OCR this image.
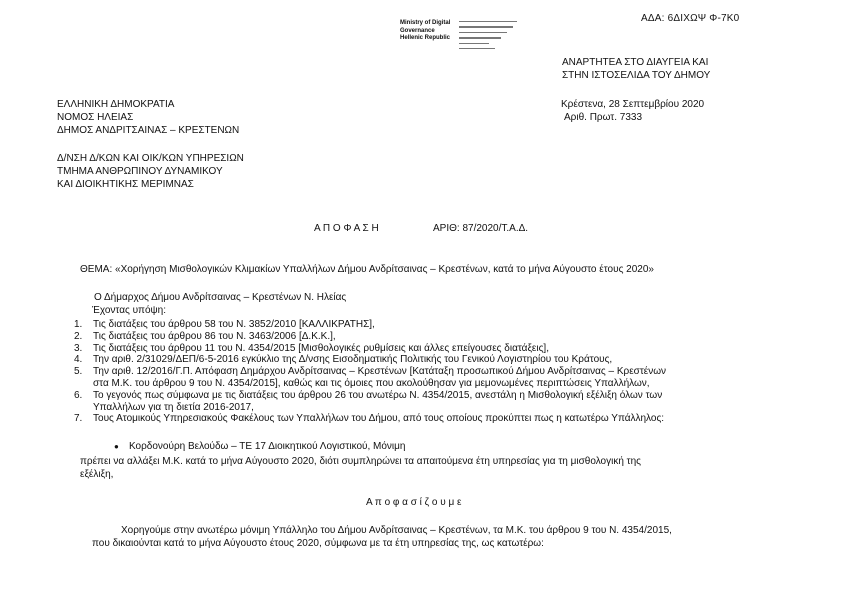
ΑΔΑ: 6ΔΙΧΩΨ Φ-7Κ0
Ministry of Digital
Governance
Hellenic Republic
ΑΝΑΡΤΗΤΕΑ ΣΤΟ ΔΙΑΥΓΕΙΑ ΚΑΙ
ΣΤΗΝ ΙΣΤΟΣΕΛΙΔΑ ΤΟΥ ΔΗΜΟΥ
ΕΛΛΗΝΙΚΗ ΔΗΜΟΚΡΑΤΙΑ
ΝΟΜΟΣ ΗΛΕΙΑΣ
ΔΗΜΟΣ ΑΝΔΡΙΤΣΑΙΝΑΣ – ΚΡΕΣΤΕΝΩΝ
Κρέστενα, 28 Σεπτεμβρίου 2020
Αριθ. Πρωτ. 7333
Δ/ΝΣΗ Δ/ΚΩΝ ΚΑΙ ΟΙΚ/ΚΩΝ ΥΠΗΡΕΣΙΩΝ
ΤΜΗΜΑ ΑΝΘΡΩΠΙΝΟΥ ΔΥΝΑΜΙΚΟΥ
ΚΑΙ ΔΙΟΙΚΗΤΙΚΗΣ ΜΕΡΙΜΝΑΣ
Α Π Ο Φ Α Σ Η	ΑΡΙΘ: 87/2020/Τ.Α.Δ.
ΘΕΜΑ: «Χορήγηση Μισθολογικών Κλιμακίων Υπαλλήλων Δήμου Ανδρίτσαινας – Κρεστένων, κατά το μήνα Αύγουστο έτους 2020»
Ο Δήμαρχος Δήμου Ανδρίτσαινας – Κρεστένων Ν. Ηλείας
Έχοντας υπόψη:
1.	Τις διατάξεις του άρθρου 58 του Ν. 3852/2010 [ΚΑΛΛΙΚΡΑΤΗΣ],
2.	Τις διατάξεις του άρθρου 86 του Ν. 3463/2006 [Δ.Κ.Κ.],
3.	Τις διατάξεις του άρθρου 11 του Ν. 4354/2015 [Μισθολογικές ρυθμίσεις και άλλες επείγουσες διατάξεις],
4.	Την αριθ. 2/31029/ΔΕΠ/6-5-2016 εγκύκλιο της Δ/νσης Εισοδηματικής Πολιτικής του Γενικού Λογιστηρίου του Κράτους,
5.	Την αριθ. 12/2016/Γ.Π. Απόφαση Δημάρχου Ανδρίτσαινας – Κρεστένων [Κατάταξη προσωπικού Δήμου Ανδρίτσαινας – Κρεστένων
στα Μ.Κ. του άρθρου 9 του Ν. 4354/2015], καθώς και τις όμοιες που ακολούθησαν για μεμονωμένες περιπτώσεις Υπαλλήλων,
6.	Το γεγονός πως σύμφωνα με τις διατάξεις του άρθρου 26 του ανωτέρω Ν. 4354/2015, ανεστάλη η Μισθολογική εξέλιξη όλων των
Υπαλλήλων για τη διετία 2016-2017,
7.	Τους Ατομικούς Υπηρεσιακούς Φακέλους των Υπαλλήλων του Δήμου, από τους οποίους προκύπτει πως η κατωτέρω Υπάλληλος:
● Κορδονούρη Βελούδω – ΤΕ 17 Διοικητικού Λογιστικού, Μόνιμη
πρέπει να αλλάξει Μ.Κ. κατά το μήνα Αύγουστο 2020, διότι συμπληρώνει τα απαιτούμενα έτη υπηρεσίας για τη μισθολογική της
εξέλιξη,
Α π ο φ α σ ί ζ ο υ μ ε
Χορηγούμε στην ανωτέρω μόνιμη Υπάλληλο του Δήμου Ανδρίτσαινας – Κρεστένων, τα Μ.Κ. του άρθρου 9 του Ν. 4354/2015,
που δικαιούνται κατά το μήνα Αύγουστο έτους 2020, σύμφωνα με τα έτη υπηρεσίας της, ως κατωτέρω:
